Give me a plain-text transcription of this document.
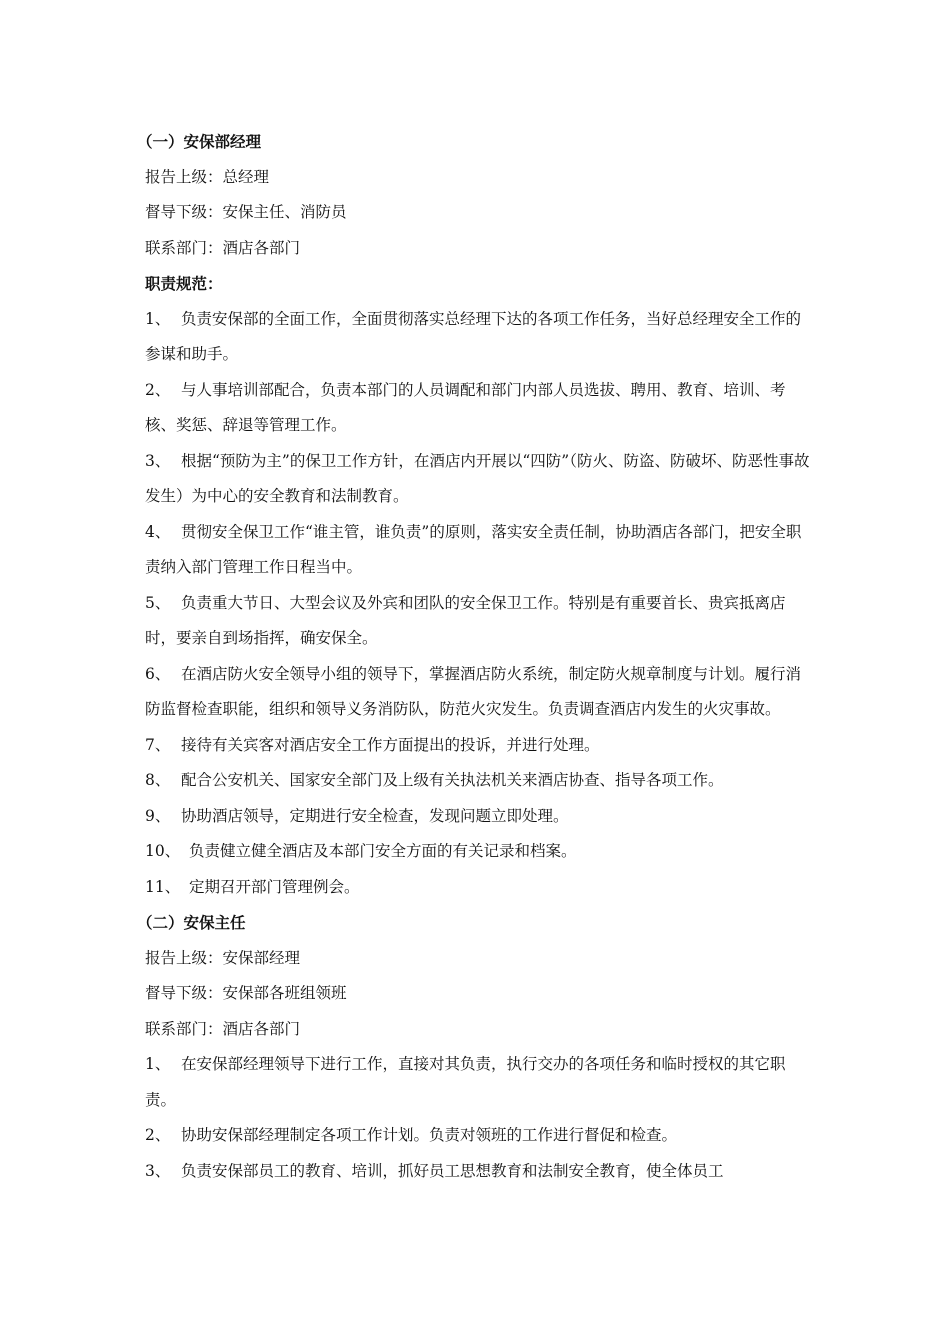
（一）安保部经理
报告上级：总经理
督导下级：安保主任、消防员
联系部门：酒店各部门
职责规范：
1、 负责安保部的全面工作，全面贯彻落实总经理下达的各项工作任务，当好总经理安全工作的参谋和助手。
2、 与人事培训部配合，负责本部门的人员调配和部门内部人员选拔、聘用、教育、培训、考核、奖惩、辞退等管理工作。
3、 根据“预防为主”的保卫工作方针，在酒店内开展以“四防”（防火、防盗、防破坏、防恶性事故发生）为中心的安全教育和法制教育。
4、 贯彻安全保卫工作“谁主管，谁负责”的原则，落实安全责任制，协助酒店各部门，把安全职责纳入部门管理工作日程当中。
5、 负责重大节日、大型会议及外宾和团队的安全保卫工作。特别是有重要首长、贵宾抵离店时，要亲自到场指挥，确安保全。
6、 在酒店防火安全领导小组的领导下，掌握酒店防火系统，制定防火规章制度与计划。履行消防监督检查职能，组织和领导义务消防队，防范火灾发生。负责调查酒店内发生的火灾事故。
7、 接待有关宾客对酒店安全工作方面提出的投诉，并进行处理。
8、 配合公安机关、国家安全部门及上级有关执法机关来酒店协查、指导各项工作。
9、 协助酒店领导，定期进行安全检查，发现问题立即处理。
10、 负责健立健全酒店及本部门安全方面的有关记录和档案。
11、 定期召开部门管理例会。
（二）安保主任
报告上级：安保部经理
督导下级：安保部各班组领班
联系部门：酒店各部门
1、 在安保部经理领导下进行工作，直接对其负责，执行交办的各项任务和临时授权的其它职责。
2、 协助安保部经理制定各项工作计划。负责对领班的工作进行督促和检查。
3、 负责安保部员工的教育、培训，抓好员工思想教育和法制安全教育，使全体员工
